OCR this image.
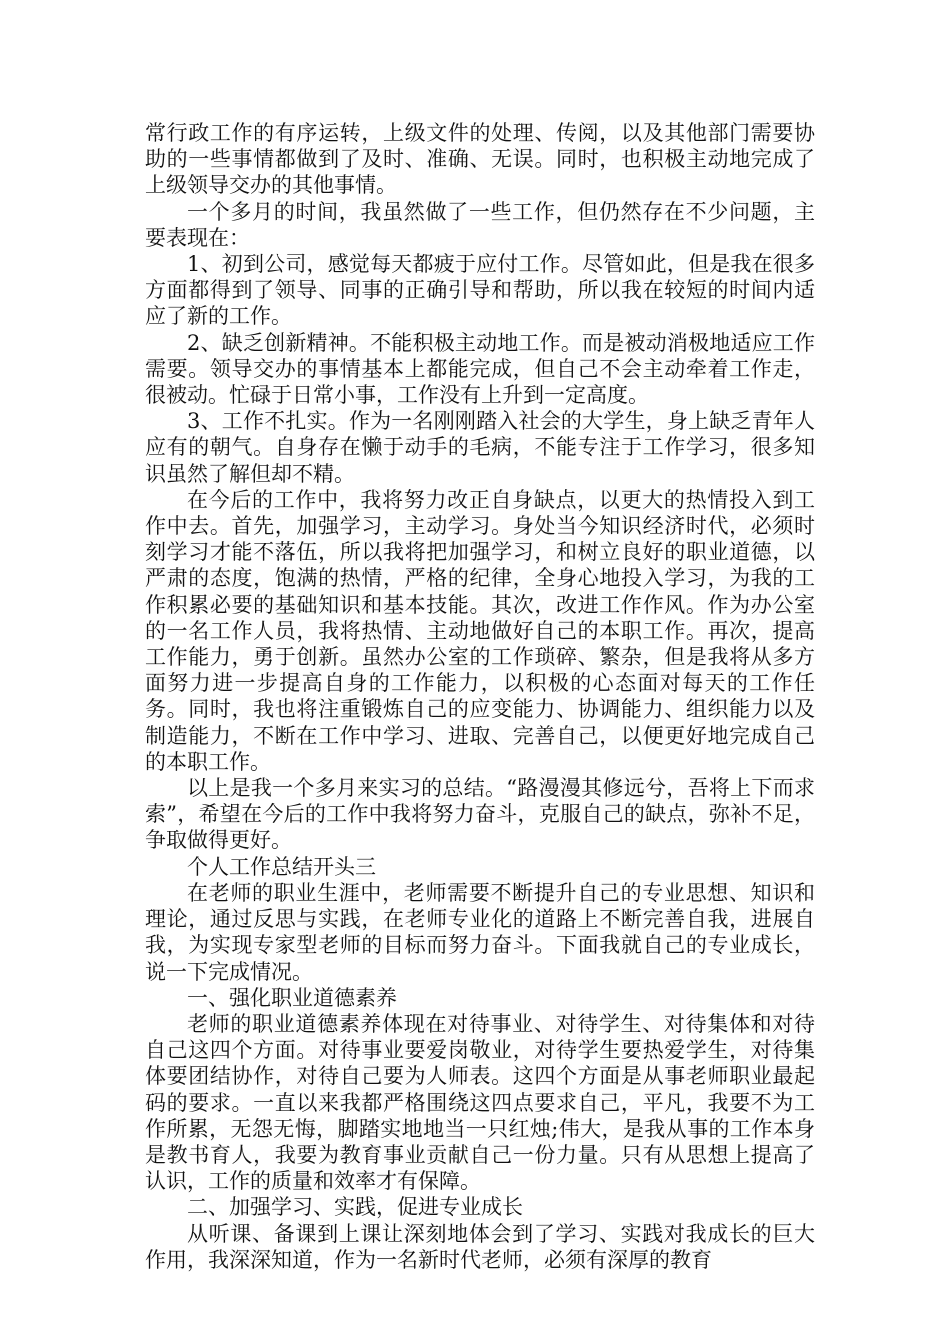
常行政工作的有序运转，上级文件的处理、传阅，以及其他部门需要协助的一些事情都做到了及时、准确、无误。同时，也积极主动地完成了上级领导交办的其他事情。

一个多月的时间，我虽然做了一些工作，但仍然存在不少问题，主要表现在：

1、初到公司，感觉每天都疲于应付工作。尽管如此，但是我在很多方面都得到了领导、同事的正确引导和帮助，所以我在较短的时间内适应了新的工作。

2、缺乏创新精神。不能积极主动地工作。而是被动消极地适应工作需要。领导交办的事情基本上都能完成，但自己不会主动牵着工作走，很被动。忙碌于日常小事，工作没有上升到一定高度。

3、工作不扎实。作为一名刚刚踏入社会的大学生，身上缺乏青年人应有的朝气。自身存在懒于动手的毛病，不能专注于工作学习，很多知识虽然了解但却不精。

在今后的工作中，我将努力改正自身缺点，以更大的热情投入到工作中去。首先，加强学习，主动学习。身处当今知识经济时代，必须时刻学习才能不落伍，所以我将把加强学习，和树立良好的职业道德，以严肃的态度，饱满的热情，严格的纪律，全身心地投入学习，为我的工作积累必要的基础知识和基本技能。其次，改进工作作风。作为办公室的一名工作人员，我将热情、主动地做好自己的本职工作。再次，提高工作能力，勇于创新。虽然办公室的工作琐碎、繁杂，但是我将从多方面努力进一步提高自身的工作能力，以积极的心态面对每天的工作任务。同时，我也将注重锻炼自己的应变能力、协调能力、组织能力以及制造能力，不断在工作中学习、进取、完善自己，以便更好地完成自己的本职工作。

以上是我一个多月来实习的总结。“路漫漫其修远兮，吾将上下而求索”，希望在今后的工作中我将努力奋斗，克服自己的缺点，弥补不足，争取做得更好。

个人工作总结开头三

在老师的职业生涯中，老师需要不断提升自己的专业思想、知识和理论，通过反思与实践，在老师专业化的道路上不断完善自我，进展自我，为实现专家型老师的目标而努力奋斗。下面我就自己的专业成长，说一下完成情况。

一、强化职业道德素养

老师的职业道德素养体现在对待事业、对待学生、对待集体和对待自己这四个方面。对待事业要爱岗敬业，对待学生要热爱学生，对待集体要团结协作，对待自己要为人师表。这四个方面是从事老师职业最起码的要求。一直以来我都严格围绕这四点要求自己，平凡，我要不为工作所累，无怨无悔，脚踏实地地当一只红烛;伟大，是我从事的工作本身是教书育人，我要为教育事业贡献自己一份力量。只有从思想上提高了认识，工作的质量和效率才有保障。

二、加强学习、实践，促进专业成长

从听课、备课到上课让深刻地体会到了学习、实践对我成长的巨大作用，我深深知道，作为一名新时代老师，必须有深厚的教育
